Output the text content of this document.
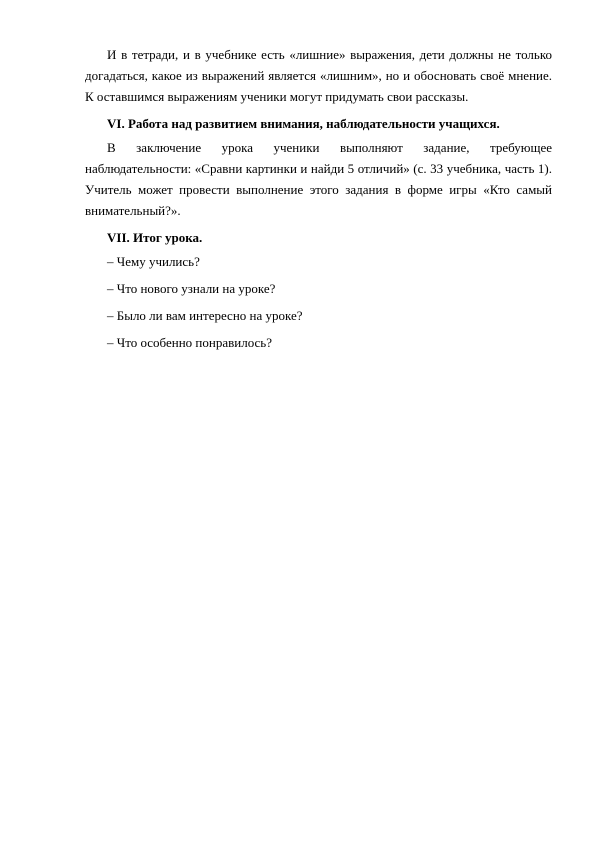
И в тетради, и в учебнике есть «лишние» выражения, дети должны не только догадаться, какое из выражений является «лишним», но и обосновать своё мнение. К оставшимся выражениям ученики могут придумать свои рассказы.

VI. Работа над развитием внимания, наблюдательности учащихся.

В заключение урока ученики выполняют задание, требующее наблюдательности: «Сравни картинки и найди 5 отличий» (с. 33 учебника, часть 1). Учитель может провести выполнение этого задания в форме игры «Кто самый внимательный?».

VII. Итог урока.

– Чему учились?

– Что нового узнали на уроке?

– Было ли вам интересно на уроке?

– Что особенно понравилось?
